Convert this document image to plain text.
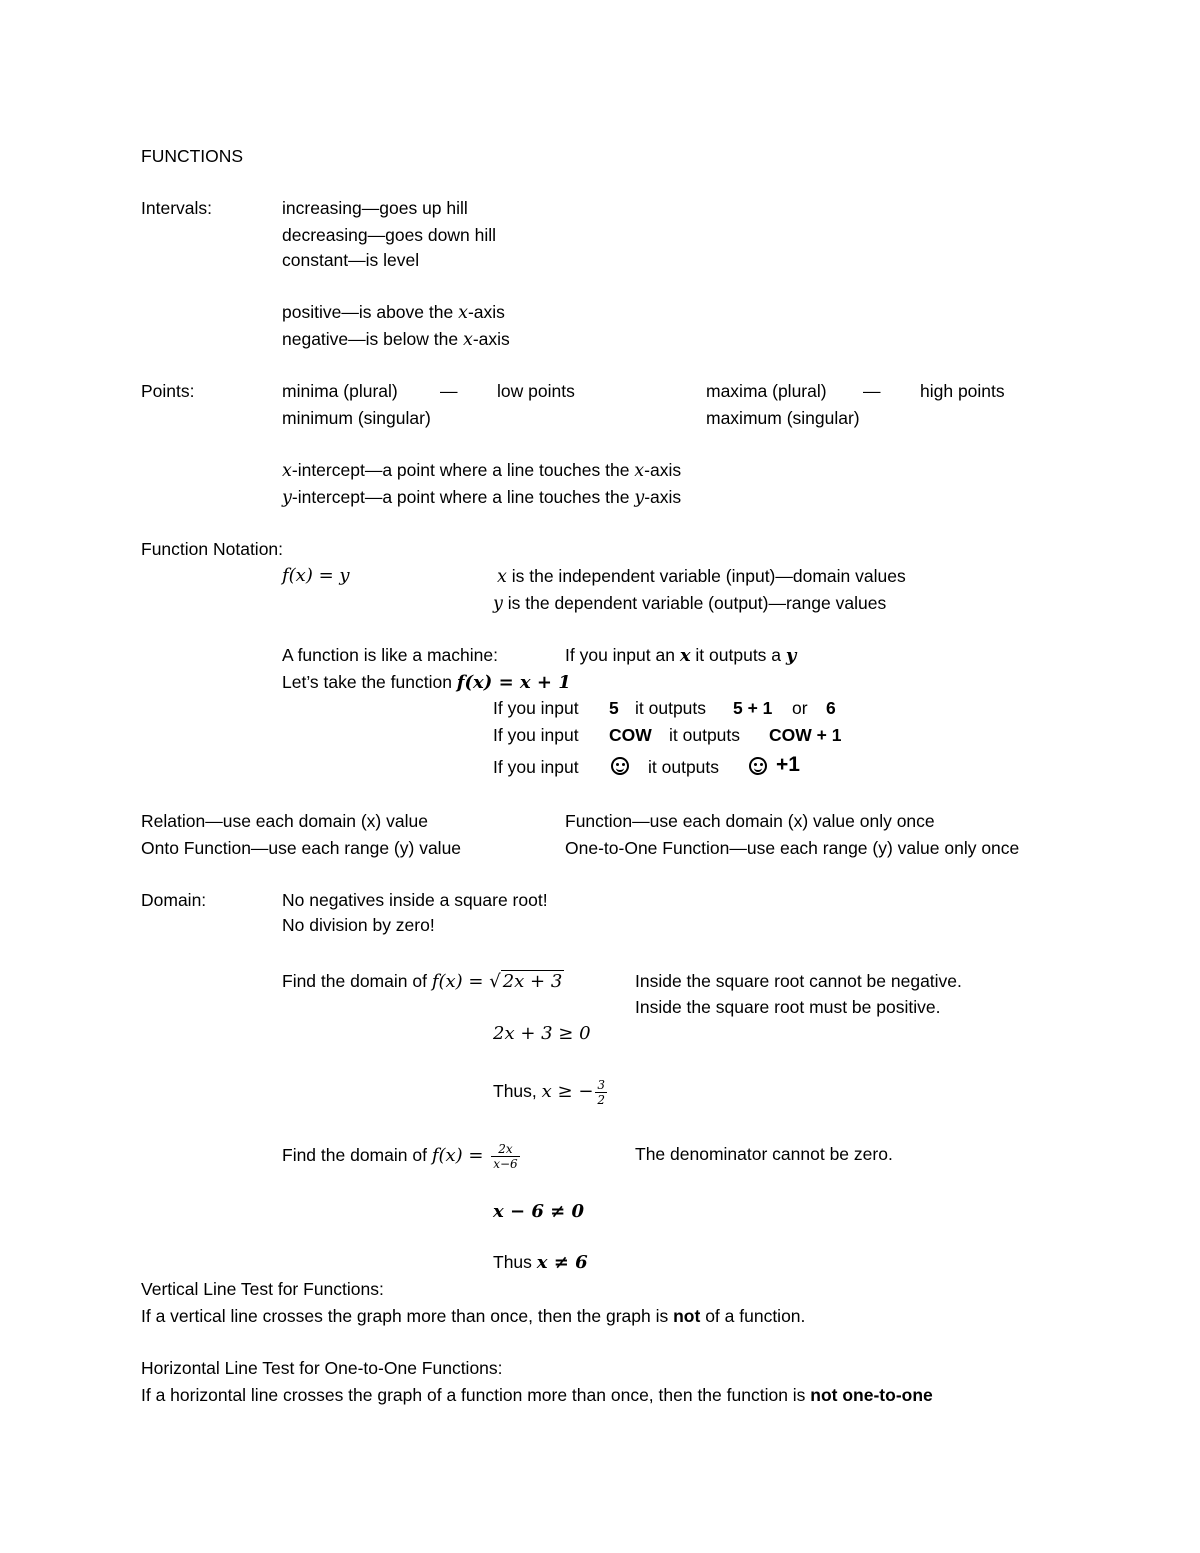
FUNCTIONS
Intervals:	increasing—goes up hill
decreasing—goes down hill
constant—is level
positive—is above the x-axis
negative—is below the x-axis
Points:	minima (plural) — low points	maxima (plural) — high points
minimum (singular)	maximum (singular)
x-intercept—a point where a line touches the x-axis
y-intercept—a point where a line touches the y-axis
Function Notation:
f(x) = y	x is the independent variable (input)—domain values
y is the dependent variable (output)—range values
A function is like a machine:	If you input an x it outputs a y
Let’s take the function f(x) = x + 1
If you input 5 it outputs 5 + 1 or 6
If you input COW it outputs COW + 1
If you input	it outputs	+1
Relation—use each domain (x) value	Function—use each domain (x) value only once
Onto Function—use each range (y) value	One-to-One Function—use each range (y) value only once
Domain:	No negatives inside a square root!
No division by zero!
Find the domain of f(x) = √ 2x + 3	Inside the square root cannot be negative.
Inside the square root must be positive.
2x + 3 ≥ 0
Thus, x ≥ − $\frac{3}{2}$
Find the domain of $f(x) = \frac{2x}{x-6}$	The denominator cannot be zero.
x − 6 ≠ 0
Thus x ≠ 6
Vertical Line Test for Functions:
If a vertical line crosses the graph more than once, then the graph is not of a function.
Horizontal Line Test for One-to-One Functions:
If a horizontal line crosses the graph of a function more than once, then the function is not one-to-one
